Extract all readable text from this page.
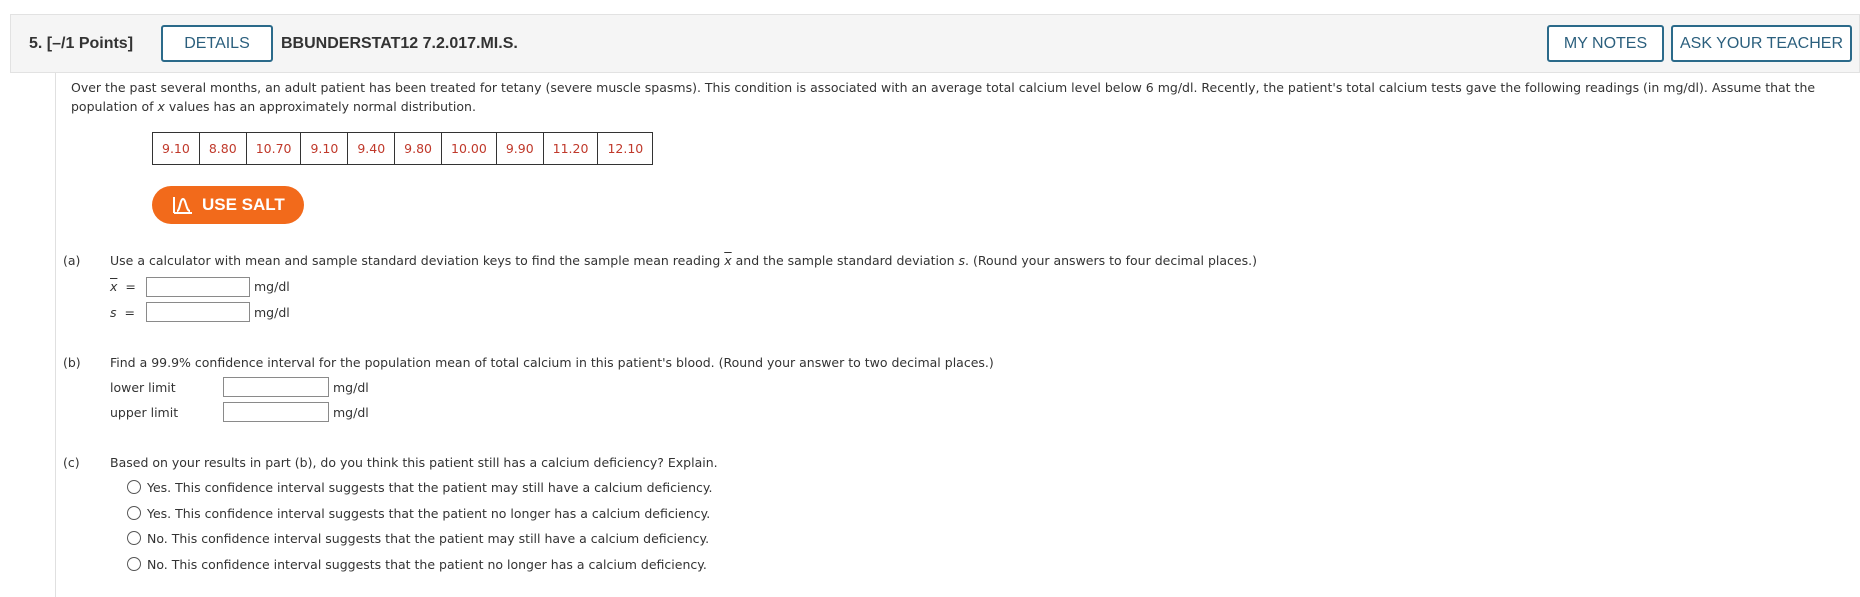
5. [–/1 Points]	DETAILS	BBUNDERSTAT12 7.2.017.MI.S.	MY NOTES	ASK YOUR TEACHER
Over the past several months, an adult patient has been treated for tetany (severe muscle spasms). This condition is associated with an average total calcium level below 6 mg/dl. Recently, the patient's total calcium tests gave the following readings (in mg/dl). Assume that the population of x values has an approximately normal distribution.
9.10	8.80	10.70	9.10	9.40	9.80	10.00	9.90	11.20	12.10
USE SALT
(a) Use a calculator with mean and sample standard deviation keys to find the sample mean reading $\overline{x}$ and the sample standard deviation s. (Round your answers to four decimal places.)
$\overline{x}$ =	mg/dl
s =	mg/dl
(b) Find a 99.9% confidence interval for the population mean of total calcium in this patient's blood. (Round your answer to two decimal places.)
lower limit	mg/dl
upper limit	mg/dl
(c) Based on your results in part (b), do you think this patient still has a calcium deficiency? Explain.
Yes. This confidence interval suggests that the patient may still have a calcium deficiency.
Yes. This confidence interval suggests that the patient no longer has a calcium deficiency.
No. This confidence interval suggests that the patient may still have a calcium deficiency.
No. This confidence interval suggests that the patient no longer has a calcium deficiency.
